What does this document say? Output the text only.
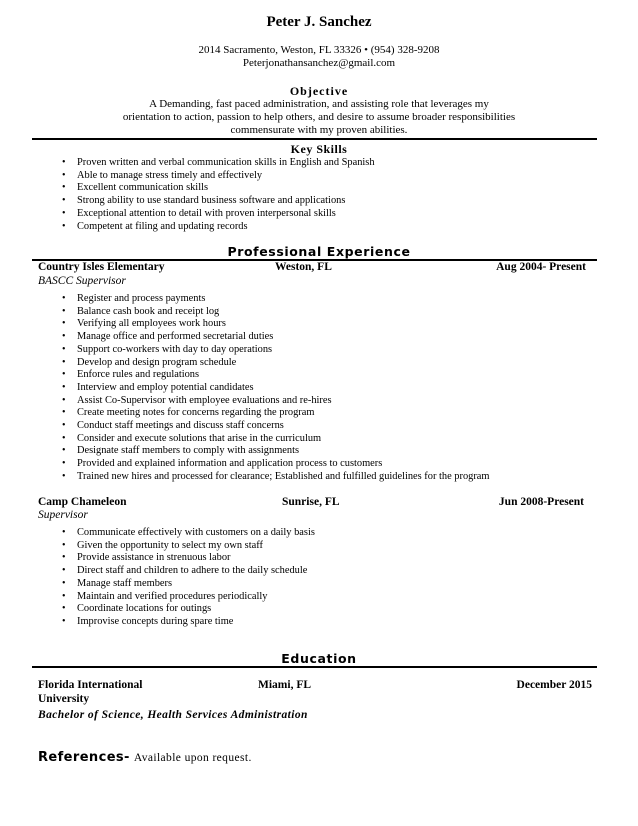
Peter J. Sanchez
2014 Sacramento, Weston, FL 33326 • (954) 328-9208
Peterjonathansanchez@gmail.com
Objective
A Demanding, fast paced administration, and assisting role that leverages my
orientation to action, passion to help others, and desire to assume broader responsibilities
commensurate with my proven abilities.
Key Skills
• Proven written and verbal communication skills in English and Spanish
• Able to manage stress timely and effectively
• Excellent communication skills
• Strong ability to use standard business software and applications
• Exceptional attention to detail with proven interpersonal skills
• Competent at filing and updating records
Professional Experience
Country Isles Elementary	Weston, FL	Aug 2004- Present
BASCC Supervisor
• Register and process payments
• Balance cash book and receipt log
• Verifying all employees work hours
• Manage office and performed secretarial duties
• Support co-workers with day to day operations
• Develop and design program schedule
• Enforce rules and regulations
• Interview and employ potential candidates
• Assist Co-Supervisor with employee evaluations and re-hires
• Create meeting notes for concerns regarding the program
• Conduct staff meetings and discuss staff concerns
• Consider and execute solutions that arise in the curriculum
• Designate staff members to comply with assignments
• Provided and explained information and application process to customers
• Trained new hires and processed for clearance; Established and fulfilled guidelines for the program
Camp Chameleon	Sunrise, FL	Jun 2008-Present
Supervisor
• Communicate effectively with customers on a daily basis
• Given the opportunity to select my own staff
• Provide assistance in strenuous labor
• Direct staff and children to adhere to the daily schedule
• Manage staff members
• Maintain and verified procedures periodically
• Coordinate locations for outings
• Improvise concepts during spare time
Education
Florida International
University
Miami, FL	December 2015
Bachelor of Science, Health Services Administration
References- Available upon request.
